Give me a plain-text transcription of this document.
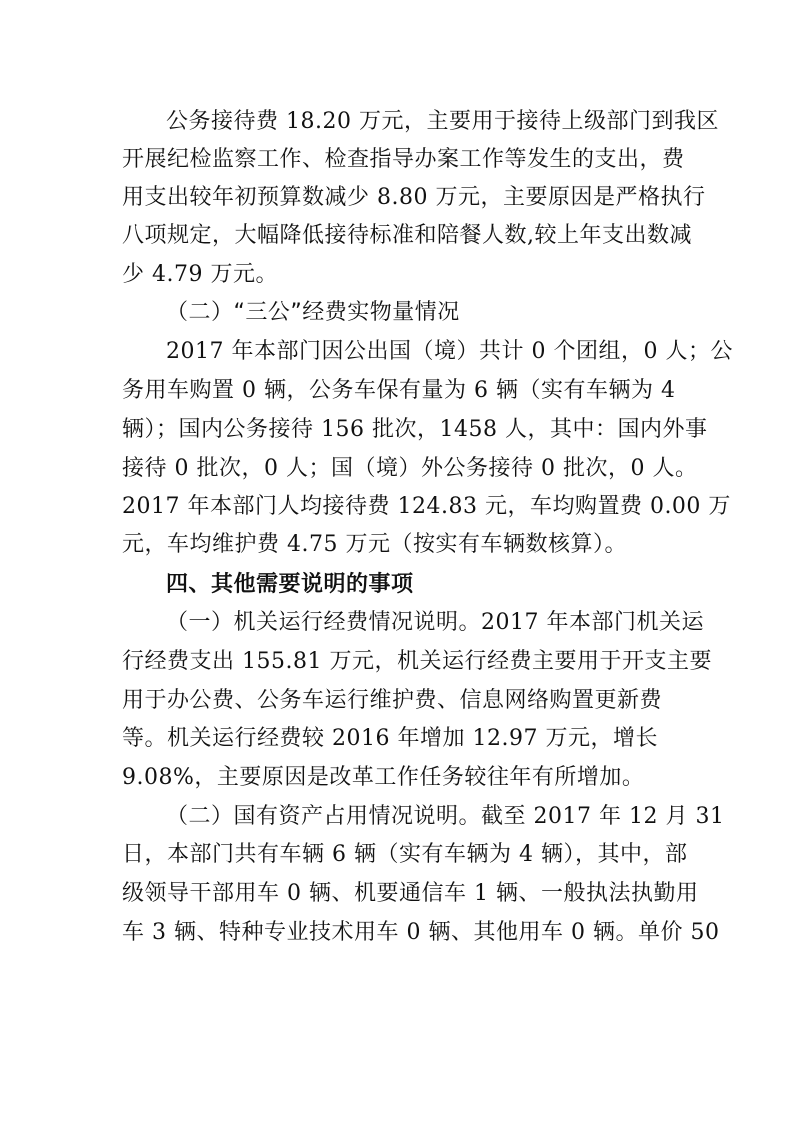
公务接待费 18.20 万元，主要用于接待上级部门到我区
开展纪检监察工作、检查指导办案工作等发生的支出，费
用支出较年初预算数减少 8.80 万元，主要原因是严格执行
八项规定，大幅降低接待标准和陪餐人数,较上年支出数减
少 4.79 万元。
（二）“三公”经费实物量情况
2017 年本部门因公出国（境）共计 0 个团组，0 人；公
务用车购置 0 辆，公务车保有量为 6 辆（实有车辆为 4
辆）；国内公务接待 156 批次，1458 人，其中：国内外事
接待 0 批次，0 人；国（境）外公务接待 0 批次，0 人。
2017 年本部门人均接待费 124.83 元，车均购置费 0.00 万
元，车均维护费 4.75 万元（按实有车辆数核算）。
四、其他需要说明的事项
（一）机关运行经费情况说明。2017 年本部门机关运
行经费支出 155.81 万元，机关运行经费主要用于开支主要
用于办公费、公务车运行维护费、信息网络购置更新费
等。机关运行经费较 2016 年增加 12.97 万元，增长
9.08%，主要原因是改革工作任务较往年有所增加。
（二）国有资产占用情况说明。截至 2017 年 12 月 31
日，本部门共有车辆 6 辆（实有车辆为 4 辆），其中，部
级领导干部用车 0 辆、机要通信车 1 辆、一般执法执勤用
车 3 辆、特种专业技术用车 0 辆、其他用车 0 辆。单价 50
